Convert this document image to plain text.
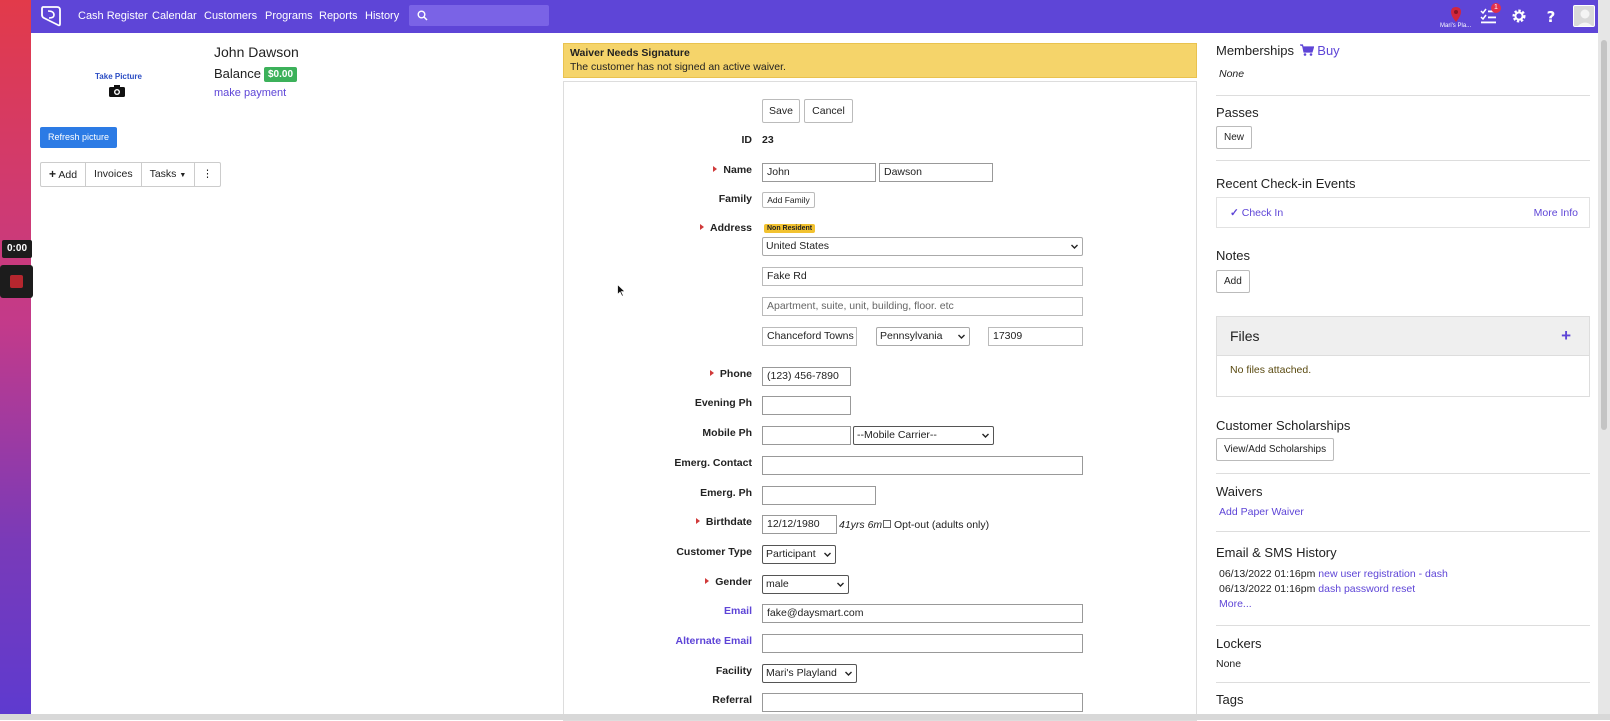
0:00
Cash Register Calendar Customers Programs Reports History
Mari's Pla...
1
?
Take Picture
Refresh picture
John Dawson
Balance $0.00
make payment
+ Add	Invoices	Tasks ▼	⋮
Waiver Needs Signature
The customer has not signed an active waiver.
Save	Cancel
ID 23
Name	John	Dawson
Family	Add Family
Address	Non Resident
United States
Fake Rd
Apartment, suite, unit, building, floor. etc
Chanceford Towns	Pennsylvania	17309
Phone	(123) 456-7890
Evening Ph
Mobile Ph	--Mobile Carrier--
Emerg. Contact
Emerg. Ph
Birthdate	12/12/1980	41yrs 6m Opt-out (adults only)
Customer Type	Participant
Gender	male
Email	fake@daysmart.com
Alternate Email
Facility	Mari's Playland
Referral
Memberships Buy
None
Passes
New
Recent Check-in Events
✓ Check In	More Info
Notes
Add
Files	+
No files attached.
Customer Scholarships
View/Add Scholarships
Waivers
Add Paper Waiver
Email & SMS History
06/13/2022 01:16pm new user registration - dash
06/13/2022 01:16pm dash password reset
More...
Lockers
None
Tags
